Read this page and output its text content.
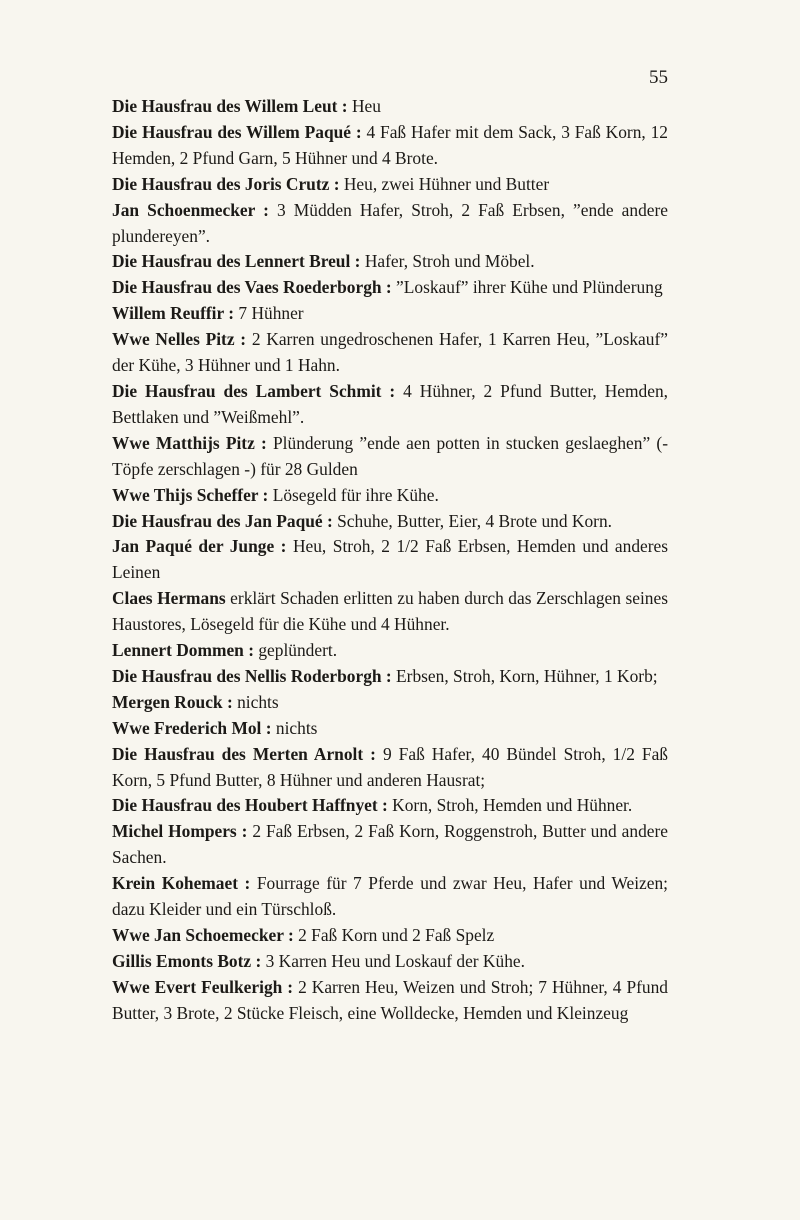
55

Die Hausfrau des Willem Leut : Heu

Die Hausfrau des Willem Paqué : 4 Faß Hafer mit dem Sack, 3 Faß Korn, 12 Hemden, 2 Pfund Garn, 5 Hühner und 4 Brote.

Die Hausfrau des Joris Crutz : Heu, zwei Hühner und Butter

Jan Schoenmecker : 3 Müdden Hafer, Stroh, 2 Faß Erbsen, ”ende andere plundereyen”.

Die Hausfrau des Lennert Breul : Hafer, Stroh und Möbel.

Die Hausfrau des Vaes Roederborgh : ”Loskauf” ihrer Kühe und Plünderung

Willem Reuffir : 7 Hühner

Wwe Nelles Pitz : 2 Karren ungedroschenen Hafer, 1 Karren Heu, ”Loskauf” der Kühe, 3 Hühner und 1 Hahn.

Die Hausfrau des Lambert Schmit : 4 Hühner, 2 Pfund Butter, Hemden, Bettlaken und ”Weißmehl”.

Wwe Matthijs Pitz : Plünderung ”ende aen potten in stucken geslaeghen” (- Töpfe zerschlagen -) für 28 Gulden

Wwe Thijs Scheffer : Lösegeld für ihre Kühe.

Die Hausfrau des Jan Paqué : Schuhe, Butter, Eier, 4 Brote und Korn.

Jan Paqué der Junge : Heu, Stroh, 2 1/2 Faß Erbsen, Hemden und anderes Leinen

Claes Hermans erklärt Schaden erlitten zu haben durch das Zerschlagen seines Haustores, Lösegeld für die Kühe und 4 Hühner.

Lennert Dommen : geplündert.

Die Hausfrau des Nellis Roderborgh : Erbsen, Stroh, Korn, Hühner, 1 Korb;

Mergen Rouck : nichts

Wwe Frederich Mol : nichts

Die Hausfrau des Merten Arnolt : 9 Faß Hafer, 40 Bündel Stroh, 1/2 Faß Korn, 5 Pfund Butter, 8 Hühner und anderen Hausrat;

Die Hausfrau des Houbert Haffnyet : Korn, Stroh, Hemden und Hühner.

Michel Hompers : 2 Faß Erbsen, 2 Faß Korn, Roggenstroh, Butter und andere Sachen.

Krein Kohemaet : Fourrage für 7 Pferde und zwar Heu, Hafer und Weizen; dazu Kleider und ein Türschloß.

Wwe Jan Schoemecker : 2 Faß Korn und 2 Faß Spelz

Gillis Emonts Botz : 3 Karren Heu und Loskauf der Kühe.

Wwe Evert Feulkerigh : 2 Karren Heu, Weizen und Stroh; 7 Hühner, 4 Pfund Butter, 3 Brote, 2 Stücke Fleisch, eine Wolldecke, Hemden und Kleinzeug
